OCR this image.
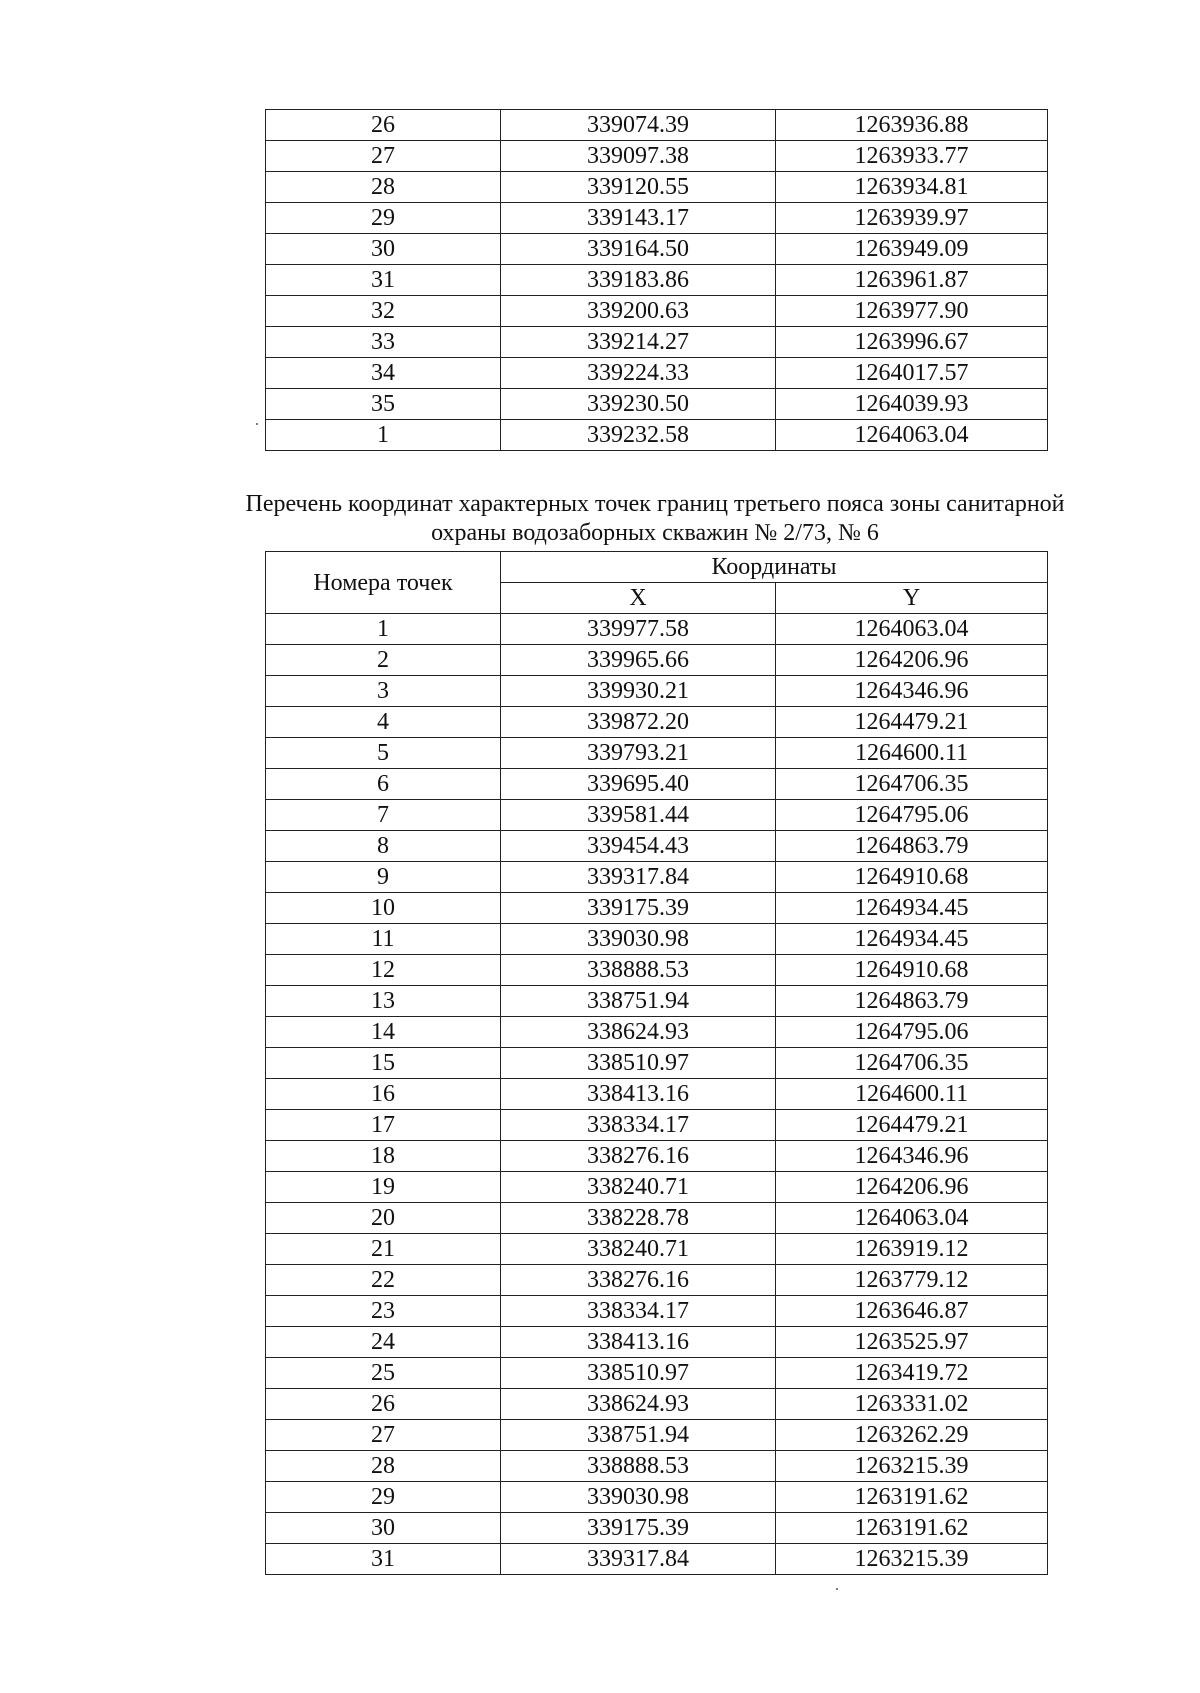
26	339074.39	1263936.88
27	339097.38	1263933.77
28	339120.55	1263934.81
29	339143.17	1263939.97
30	339164.50	1263949.09
31	339183.86	1263961.87
32	339200.63	1263977.90
33	339214.27	1263996.67
34	339224.33	1264017.57
35	339230.50	1264039.93
1	339232.58	1264063.04
Перечень координат характерных точек границ третьего пояса зоны санитарной
охраны водозаборных скважин № 2/73, № 6
Номера точек	Координаты	
	X	Y
1	339977.58	1264063.04
2	339965.66	1264206.96
3	339930.21	1264346.96
4	339872.20	1264479.21
5	339793.21	1264600.11
6	339695.40	1264706.35
7	339581.44	1264795.06
8	339454.43	1264863.79
9	339317.84	1264910.68
10	339175.39	1264934.45
11	339030.98	1264934.45
12	338888.53	1264910.68
13	338751.94	1264863.79
14	338624.93	1264795.06
15	338510.97	1264706.35
16	338413.16	1264600.11
17	338334.17	1264479.21
18	338276.16	1264346.96
19	338240.71	1264206.96
20	338228.78	1264063.04
21	338240.71	1263919.12
22	338276.16	1263779.12
23	338334.17	1263646.87
24	338413.16	1263525.97
25	338510.97	1263419.72
26	338624.93	1263331.02
27	338751.94	1263262.29
28	338888.53	1263215.39
29	339030.98	1263191.62
30	339175.39	1263191.62
31	339317.84	1263215.39
